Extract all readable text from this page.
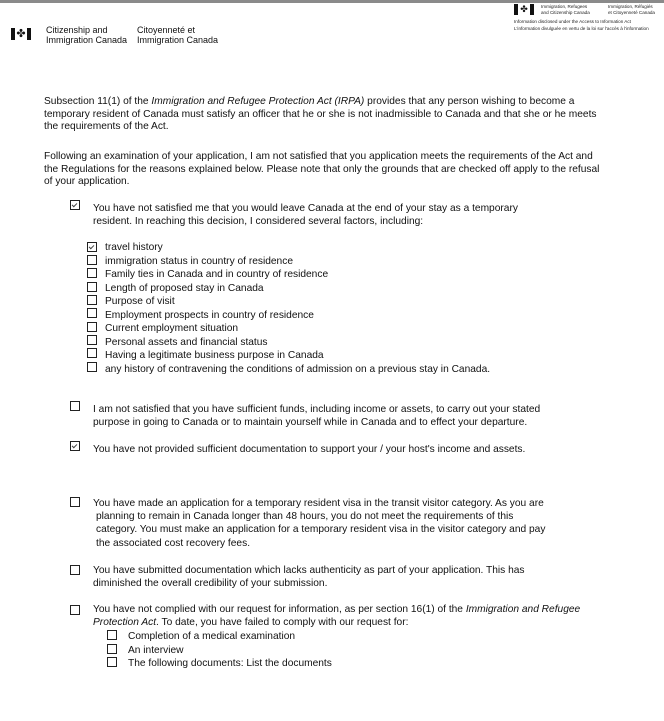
✤ Citizenship and
Immigration Canada
Citoyenneté et
Immigration Canada
✤	Immigration, Refugees
and Citizenship Canada
Immigration, Réfugiés
et Citoyenneté Canada
Information disclosed under the Access to Information Act
L'information divulguée en vertu de la loi sur l'accès à l'information
Subsection 11(1) of the Immigration and Refugee Protection Act (IRPA) provides that any person wishing to become a temporary resident of Canada must satisfy an officer that he or she is not inadmissible to Canada and that she or he meets the requirements of the Act.
Following an examination of your application, I am not satisfied that you application meets the requirements of the Act and the Regulations for the reasons explained below. Please note that only the grounds that are checked off apply to the refusal of your application.
You have not satisfied me that you would leave Canada at the end of your stay as a temporary
resident. In reaching this decision, I considered several factors, including:
travel history
immigration status in country of residence
Family ties in Canada and in country of residence
Length of proposed stay in Canada
Purpose of visit
Employment prospects in country of residence
Current employment situation
Personal assets and financial status
Having a legitimate business purpose in Canada
any history of contravening the conditions of admission on a previous stay in Canada.
I am not satisfied that you have sufficient funds, including income or assets, to carry out your stated
purpose in going to Canada or to maintain yourself while in Canada and to effect your departure.
You have not provided sufficient documentation to support your / your host's income and assets.
You have made an application for a temporary resident visa in the transit visitor category. As you are
planning to remain in Canada longer than 48 hours, you do not meet the requirements of this
category. You must make an application for a temporary resident visa in the visitor category and pay
the associated cost recovery fees.
You have submitted documentation which lacks authenticity as part of your application. This has
diminished the overall credibility of your submission.
You have not complied with our request for information, as per section 16(1) of the Immigration and Refugee Protection Act. To date, you have failed to comply with our request for:
Completion of a medical examination
An interview
The following documents: List the documents
